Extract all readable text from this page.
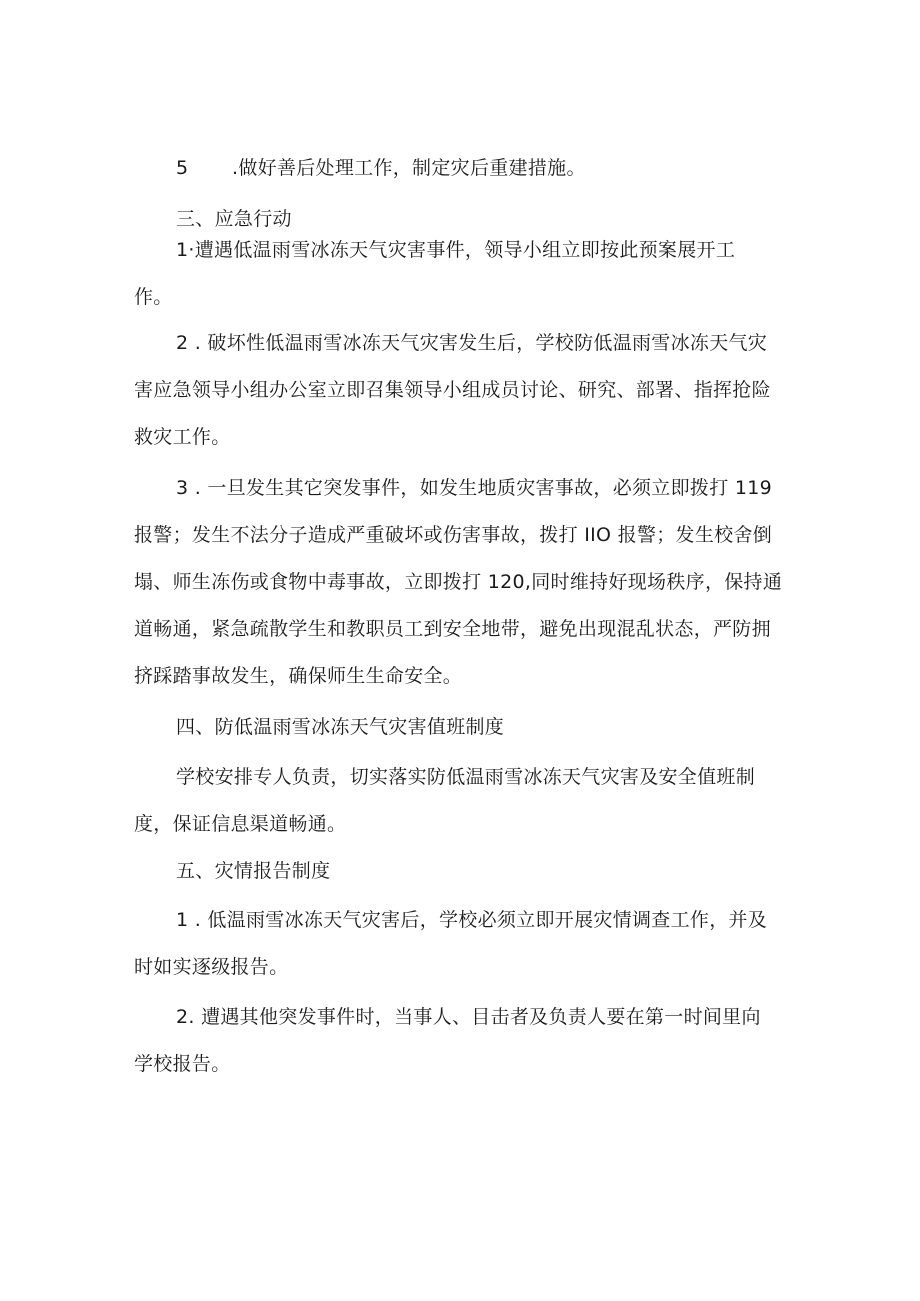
5 .做好善后处理工作，制定灾后重建措施。
三、应急行动
1·遭遇低温雨雪冰冻天气灾害事件，领导小组立即按此预案展开工
作。
2 . 破坏性低温雨雪冰冻天气灾害发生后，学校防低温雨雪冰冻天气灾
害应急领导小组办公室立即召集领导小组成员讨论、研究、部署、指挥抢险
救灾工作。
3 . 一旦发生其它突发事件，如发生地质灾害事故，必须立即拨打 119
报警；发生不法分子造成严重破坏或伤害事故，拨打 IIO 报警；发生校舍倒
塌、师生冻伤或食物中毒事故，立即拨打 120,同时维持好现场秩序，保持通
道畅通，紧急疏散学生和教职员工到安全地带，避免出现混乱状态，严防拥
挤踩踏事故发生，确保师生生命安全。
四、防低温雨雪冰冻天气灾害值班制度
学校安排专人负责，切实落实防低温雨雪冰冻天气灾害及安全值班制
度，保证信息渠道畅通。
五、灾情报告制度
1 . 低温雨雪冰冻天气灾害后，学校必须立即开展灾情调查工作，并及
时如实逐级报告。
2. 遭遇其他突发事件时，当事人、目击者及负责人要在第一时间里向
学校报告。
